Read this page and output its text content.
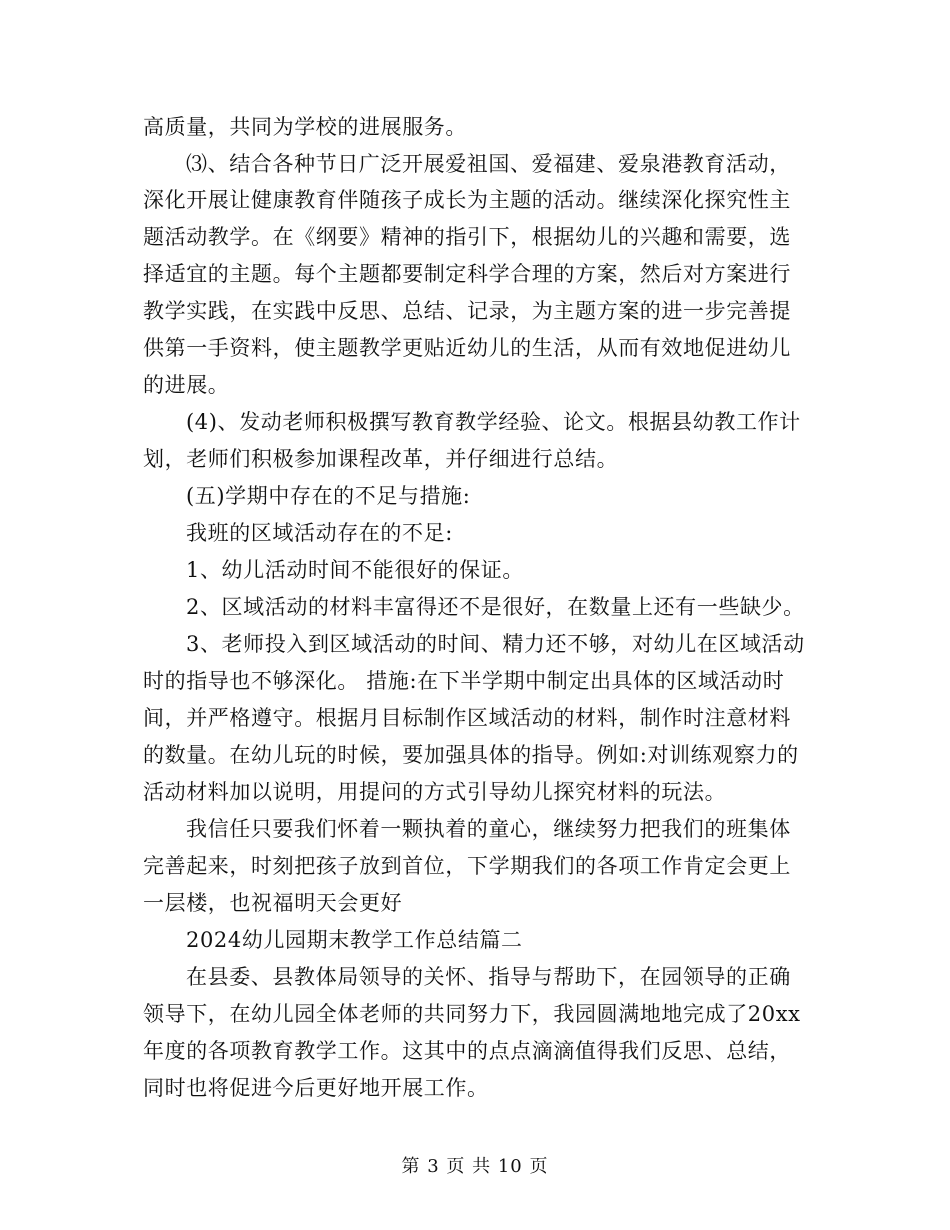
高质量，共同为学校的进展服务。
⑶、结合各种节日广泛开展爱祖国、爱福建、爱泉港教育活动，
深化开展让健康教育伴随孩子成长为主题的活动。继续深化探究性主
题活动教学。在《纲要》精神的指引下，根据幼儿的兴趣和需要，选
择适宜的主题。每个主题都要制定科学合理的方案，然后对方案进行
教学实践，在实践中反思、总结、记录，为主题方案的进一步完善提
供第一手资料，使主题教学更贴近幼儿的生活，从而有效地促进幼儿
的进展。
(4)、发动老师积极撰写教育教学经验、论文。根据县幼教工作计
划，老师们积极参加课程改革，并仔细进行总结。
(五)学期中存在的不足与措施:
我班的区域活动存在的不足:
1、幼儿活动时间不能很好的保证。
2、区域活动的材料丰富得还不是很好，在数量上还有一些缺少。
3、老师投入到区域活动的时间、精力还不够，对幼儿在区域活动
时的指导也不够深化。 措施:在下半学期中制定出具体的区域活动时
间，并严格遵守。根据月目标制作区域活动的材料，制作时注意材料
的数量。在幼儿玩的时候，要加强具体的指导。例如:对训练观察力的
活动材料加以说明，用提问的方式引导幼儿探究材料的玩法。
我信任只要我们怀着一颗执着的童心，继续努力把我们的班集体
完善起来，时刻把孩子放到首位，下学期我们的各项工作肯定会更上
一层楼，也祝福明天会更好
2024幼儿园期末教学工作总结篇二
在县委、县教体局领导的关怀、指导与帮助下，在园领导的正确
领导下，在幼儿园全体老师的共同努力下，我园圆满地地完成了20xx
年度的各项教育教学工作。这其中的点点滴滴值得我们反思、总结，
同时也将促进今后更好地开展工作。
第 3 页 共 10 页
